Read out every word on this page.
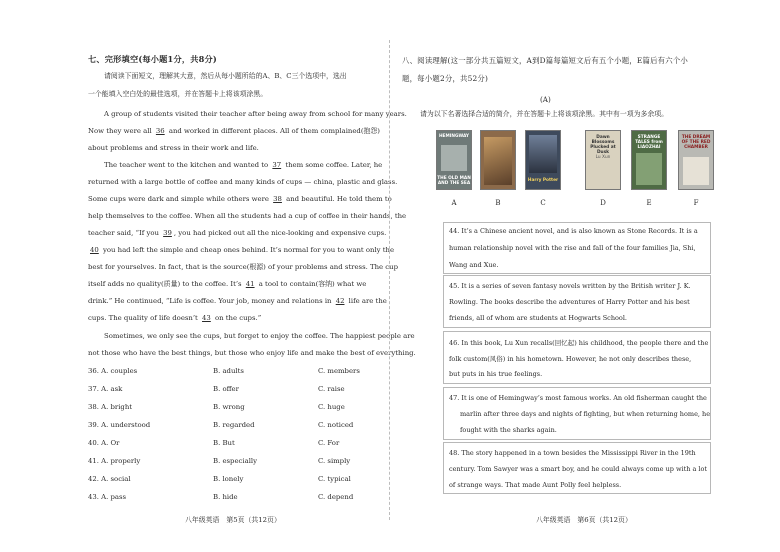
七、完形填空(每小题1分，共8分)
请阅读下面短文，理解其大意，然后从每小题所给的A、B、C三个选项中，选出
一个能填入空白处的最佳选项，并在答题卡上将该项涂黑。
A group of students visited their teacher after being away from school for many years.
Now they were all 36 and worked in different places. All of them complained(抱怨)
about problems and stress in their work and life.
The teacher went to the kitchen and wanted to 37 them some coffee. Later, he
returned with a large bottle of coffee and many kinds of cups — china, plastic and glass.
Some cups were dark and simple while others were 38 and beautiful. He told them to
help themselves to the coffee. When all the students had a cup of coffee in their hands, the
teacher said, “If you 39 , you had picked out all the nice-looking and expensive cups.
40 you had left the simple and cheap ones behind. It’s normal for you to want only the
best for yourselves. In fact, that is the source(根源) of your problems and stress. The cup
itself adds no quality(质量) to the coffee. It’s 41 a tool to contain(容纳) what we
drink.” He continued, “Life is coffee. Your job, money and relations in 42 life are the
cups. The quality of life doesn’t 43 on the cups.”
Sometimes, we only see the cups, but forget to enjoy the coffee. The happiest people are
not those who have the best things, but those who enjoy life and make the best of everything.
36. A. couples	B. adults	C. members
37. A. ask	B. offer	C. raise
38. A. bright	B. wrong	C. huge
39. A. understood	B. regarded	C. noticed
40. A. Or	B. But	C. For
41. A. properly	B. especially	C. simply
42. A. social	B. lonely	C. typical
43. A. pass	B. hide	C. depend
八年级英语　第5页（共12页）
八、阅读理解(这一部分共五篇短文，A到D篇每篇短文后有五个小题，E篇后有六个小
题，每小题2分，共52分)
(A)
请为以下名著选择合适的简介，并在答题卡上将该项涂黑。其中有一项为多余项。
HEMINGWAY
THE OLD MAN AND THE SEA
Harry Potter
Dawn Blossoms Plucked at Dusk
Lu Xun
STRANGE TALES from LIAOZHAI
THE DREAM OF THE RED CHAMBER
A	B	C	D	E	F
44. It’s a Chinese ancient novel, and is also known as Stone Records. It is a
human relationship novel with the rise and fall of the four families Jia, Shi,
Wang and Xue.
45. It is a series of seven fantasy novels written by the British writer J. K.
Rowling. The books describe the adventures of Harry Potter and his best
friends, all of whom are students at Hogwarts School.
46. In this book, Lu Xun recalls(回忆起) his childhood, the people there and the
folk custom(风俗) in his hometown. However, he not only describes these,
but puts in his true feelings.
47. It is one of Hemingway’s most famous works. An old fisherman caught the
marlin after three days and nights of fighting, but when returning home, he
fought with the sharks again.
48. The story happened in a town besides the Mississippi River in the 19th
century. Tom Sawyer was a smart boy, and he could always come up with a lot
of strange ways. That made Aunt Polly feel helpless.
八年级英语　第6页（共12页）
